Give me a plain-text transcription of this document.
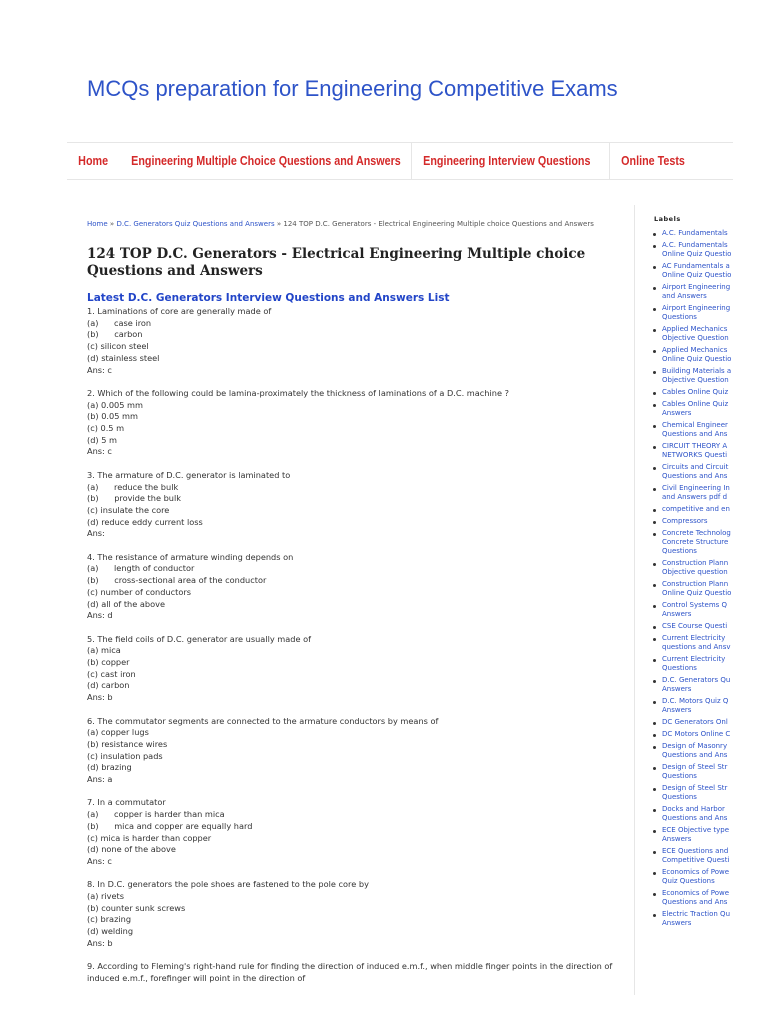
MCQs preparation for Engineering Competitive Exams
Home	Engineering Multiple Choice Questions and Answers	Engineering Interview Questions	Online Tests
Home » D.C. Generators Quiz Questions and Answers » 124 TOP D.C. Generators - Electrical Engineering Multiple choice Questions and Answers
124 TOP D.C. Generators - Electrical Engineering Multiple choice Questions and Answers
Latest D.C. Generators Interview Questions and Answers List
1. Laminations of core are generally made of
(a)      case iron
(b)      carbon
(c) silicon steel
(d) stainless steel
Ans: c
2. Which of the following could be lamina-proximately the thickness of laminations of a D.C. machine ?
(a) 0.005 mm
(b) 0.05 mm
(c) 0.5 m
(d) 5 m
Ans: c
3. The armature of D.C. generator is laminated to
(a)      reduce the bulk
(b)      provide the bulk
(c) insulate the core
(d) reduce eddy current loss
Ans:
4. The resistance of armature winding depends on
(a)      length of conductor
(b)      cross-sectional area of the conductor
(c) number of conductors
(d) all of the above
Ans: d
5. The field coils of D.C. generator are usually made of
(a) mica
(b) copper
(c) cast iron
(d) carbon
Ans: b
6. The commutator segments are connected to the armature conductors by means of
(a) copper lugs
(b) resistance wires
(c) insulation pads
(d) brazing
Ans: a
7. In a commutator
(a)      copper is harder than mica
(b)      mica and copper are equally hard
(c) mica is harder than copper
(d) none of the above
Ans: c
8. In D.C. generators the pole shoes are fastened to the pole core by
(a) rivets
(b) counter sunk screws
(c) brazing
(d) welding
Ans: b
9. According to Fleming's right-hand rule for finding the direction of induced e.m.f., when middle finger points in the direction of induced e.m.f., forefinger will point in the direction of
Labels
A.C. Fundamentals
A.C. Fundamentals
Online Quiz Questio
AC Fundamentals a
Online Quiz Questio
Airport Engineering
and Answers
Airport Engineering
Questions
Applied Mechanics
Objective Question
Applied Mechanics
Online Quiz Questio
Building Materials a
Objective Question
Cables Online Quiz
Cables Online Quiz
Answers
Chemical Engineer
Questions and Ans
CIRCUIT THEORY A
NETWORKS Questi
Circuits and Circuit
Questions and Ans
Civil Engineering In
and Answers pdf d
competitive and en
Compressors
Concrete Technolog
Concrete Structure
Questions
Construction Plann
Objective question
Construction Plann
Online Quiz Questio
Control Systems Q
Answers
CSE Course Questi
Current Electricity
questions and Ansv
Current Electricity
Questions
D.C. Generators Qu
Answers
D.C. Motors Quiz Q
Answers
DC Generators Onl
DC Motors Online C
Design of Masonry
Questions and Ans
Design of Steel Str
Questions
Design of Steel Str
Questions
Docks and Harbor
Questions and Ans
ECE Objective type
Answers
ECE Questions and
Competitive Questi
Economics of Powe
Quiz Questions
Economics of Powe
Questions and Ans
Electric Traction Qu
Answers
